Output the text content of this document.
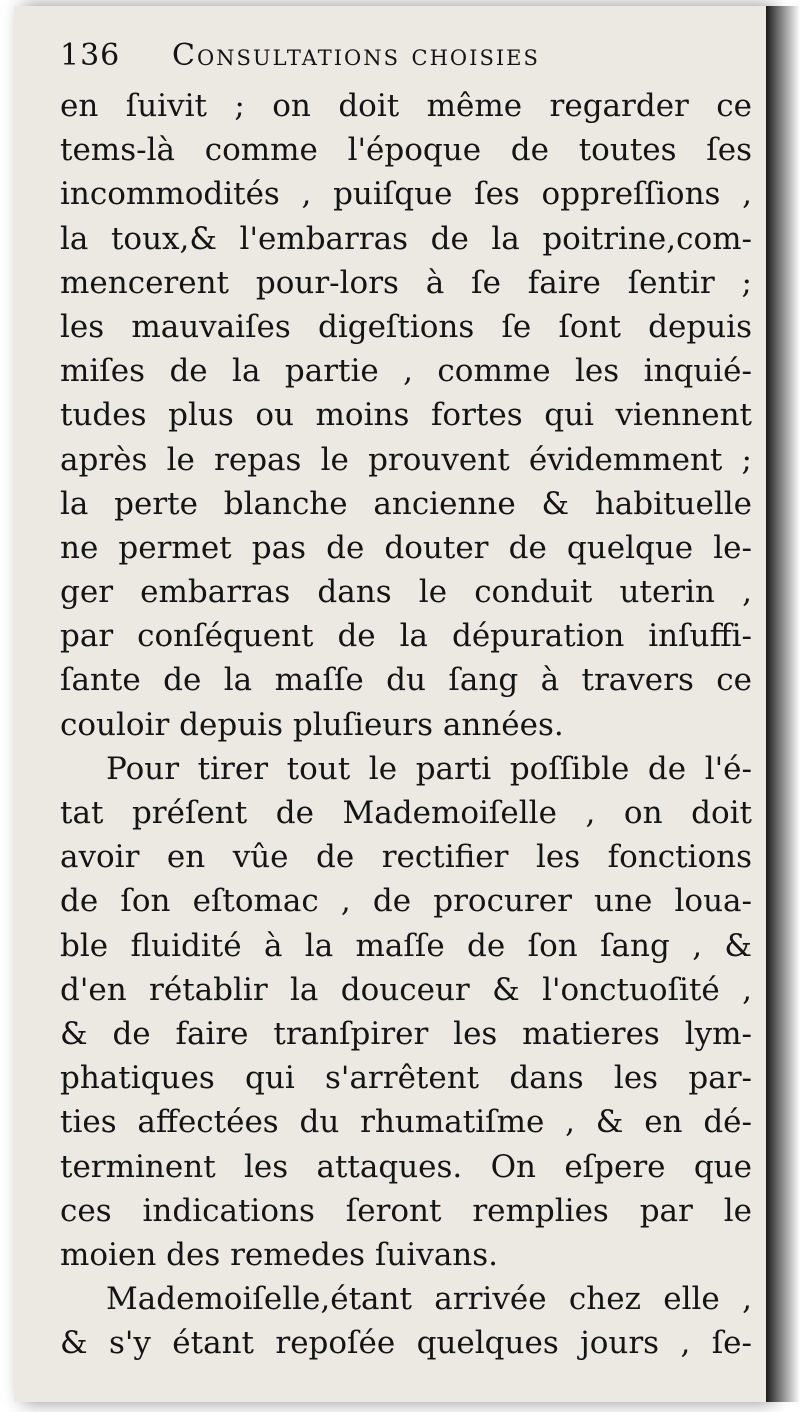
136	Consultations choisies
en ſuivit ; on doit même regarder ce
tems-là comme l'époque de toutes ſes
incommodités , puiſque ſes oppreſſions ,
la toux,& l'embarras de la poitrine,com-
mencerent pour-lors à ſe faire ſentir ;
les mauvaiſes digeſtions ſe ſont depuis
miſes de la partie , comme les inquié-
tudes plus ou moins fortes qui viennent
après le repas le prouvent évidemment ;
la perte blanche ancienne & habituelle
ne permet pas de douter de quelque le-
ger embarras dans le conduit uterin ,
par conſéquent de la dépuration inſuffi-
ſante de la maſſe du ſang à travers ce
couloir depuis pluſieurs années.
Pour tirer tout le parti poſſible de l'é-
tat préſent de Mademoiſelle , on doit
avoir en vûe de rectifier les fonctions
de ſon eſtomac , de procurer une loua-
ble fluidité à la maſſe de ſon ſang , &
d'en rétablir la douceur & l'onctuoſité ,
& de faire tranſpirer les matieres lym-
phatiques qui s'arrêtent dans les par-
ties affectées du rhumatiſme , & en dé-
terminent les attaques. On eſpere que
ces indications ſeront remplies par le
moien des remedes ſuivans.
Mademoiſelle,étant arrivée chez elle ,
& s'y étant repoſée quelques jours , ſe-
